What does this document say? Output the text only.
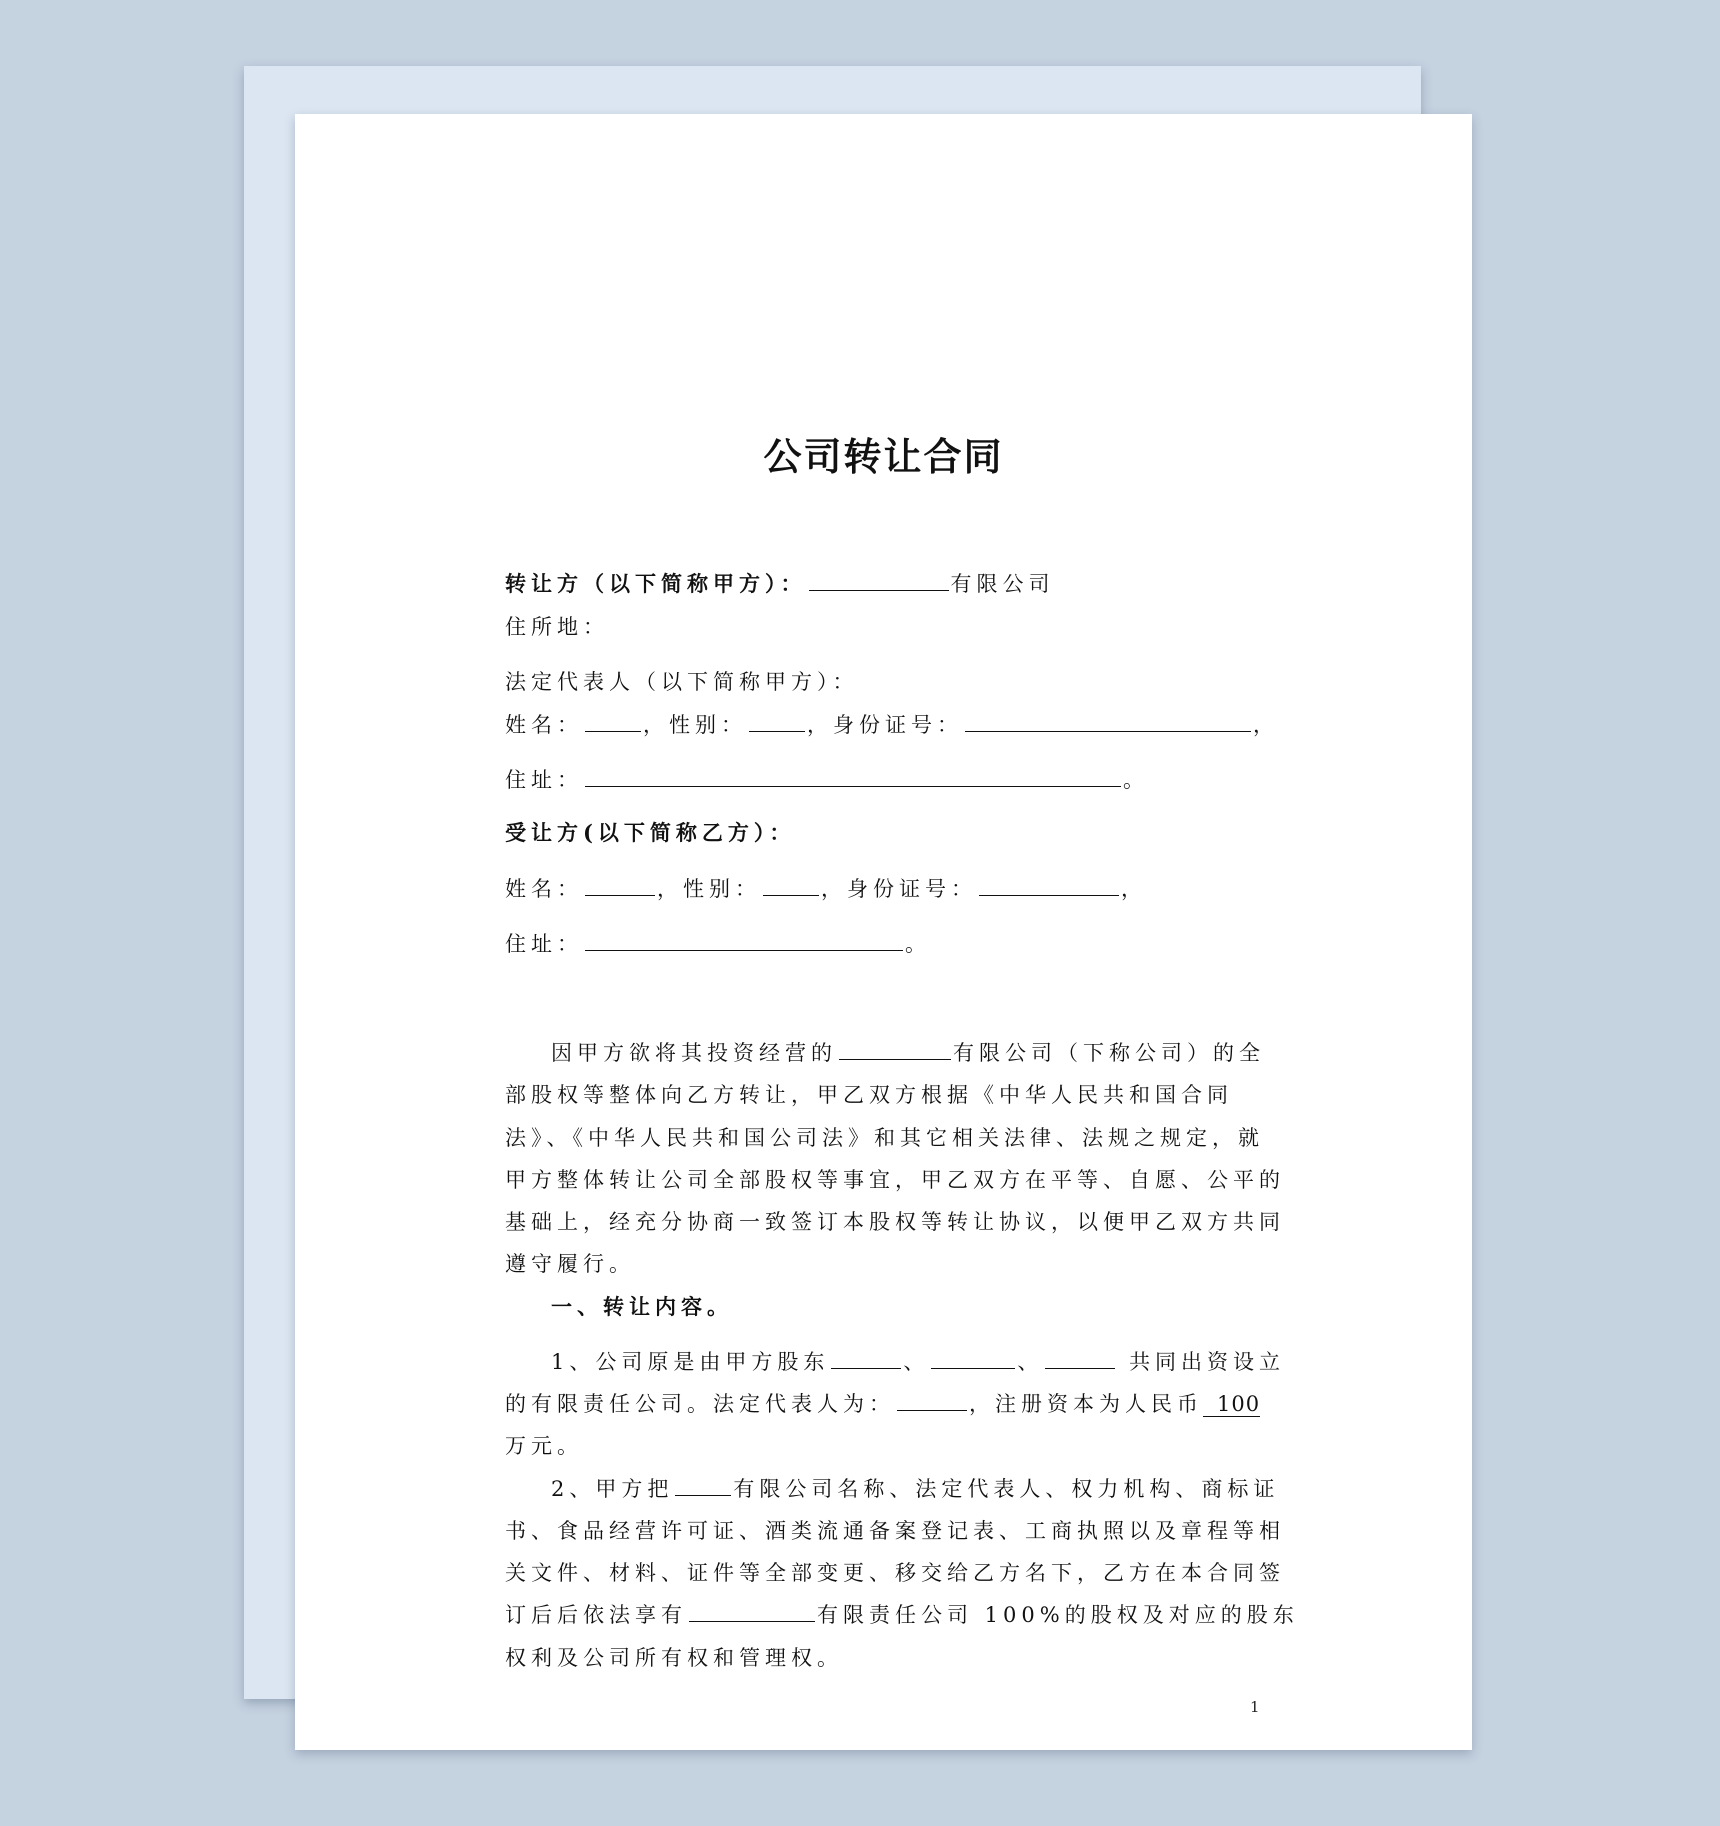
公司转让合同
转让方（以下简称甲方）：	有限公司
住所地：
法定代表人（以下简称甲方）：
姓名：	，性别：	，身份证号：	，
住址：	。
受让方(以下简称乙方）：
姓名：	，性别：	，身份证号：	，
住址：	。
因甲方欲将其投资经营的	有限公司（下称公司）的全
部股权等整体向乙方转让，甲乙双方根据《中华人民共和国合同
法》、《中华人民共和国公司法》和其它相关法律、法规之规定，就
甲方整体转让公司全部股权等事宜，甲乙双方在平等、自愿、公平的
基础上，经充分协商一致签订本股权等转让协议，以便甲乙双方共同
遵守履行。
一、转让内容。
1、公司原是由甲方股东	、	、	共同出资设立
的有限责任公司。法定代表人为：	，注册资本为人民币 100
万元。
2、甲方把	有限公司名称、法定代表人、权力机构、商标证
书、食品经营许可证、酒类流通备案登记表、工商执照以及章程等相
关文件、材料、证件等全部变更、移交给乙方名下，乙方在本合同签
订后后依法享有	有限责任公司 100%的股权及对应的股东
权利及公司所有权和管理权。
1
